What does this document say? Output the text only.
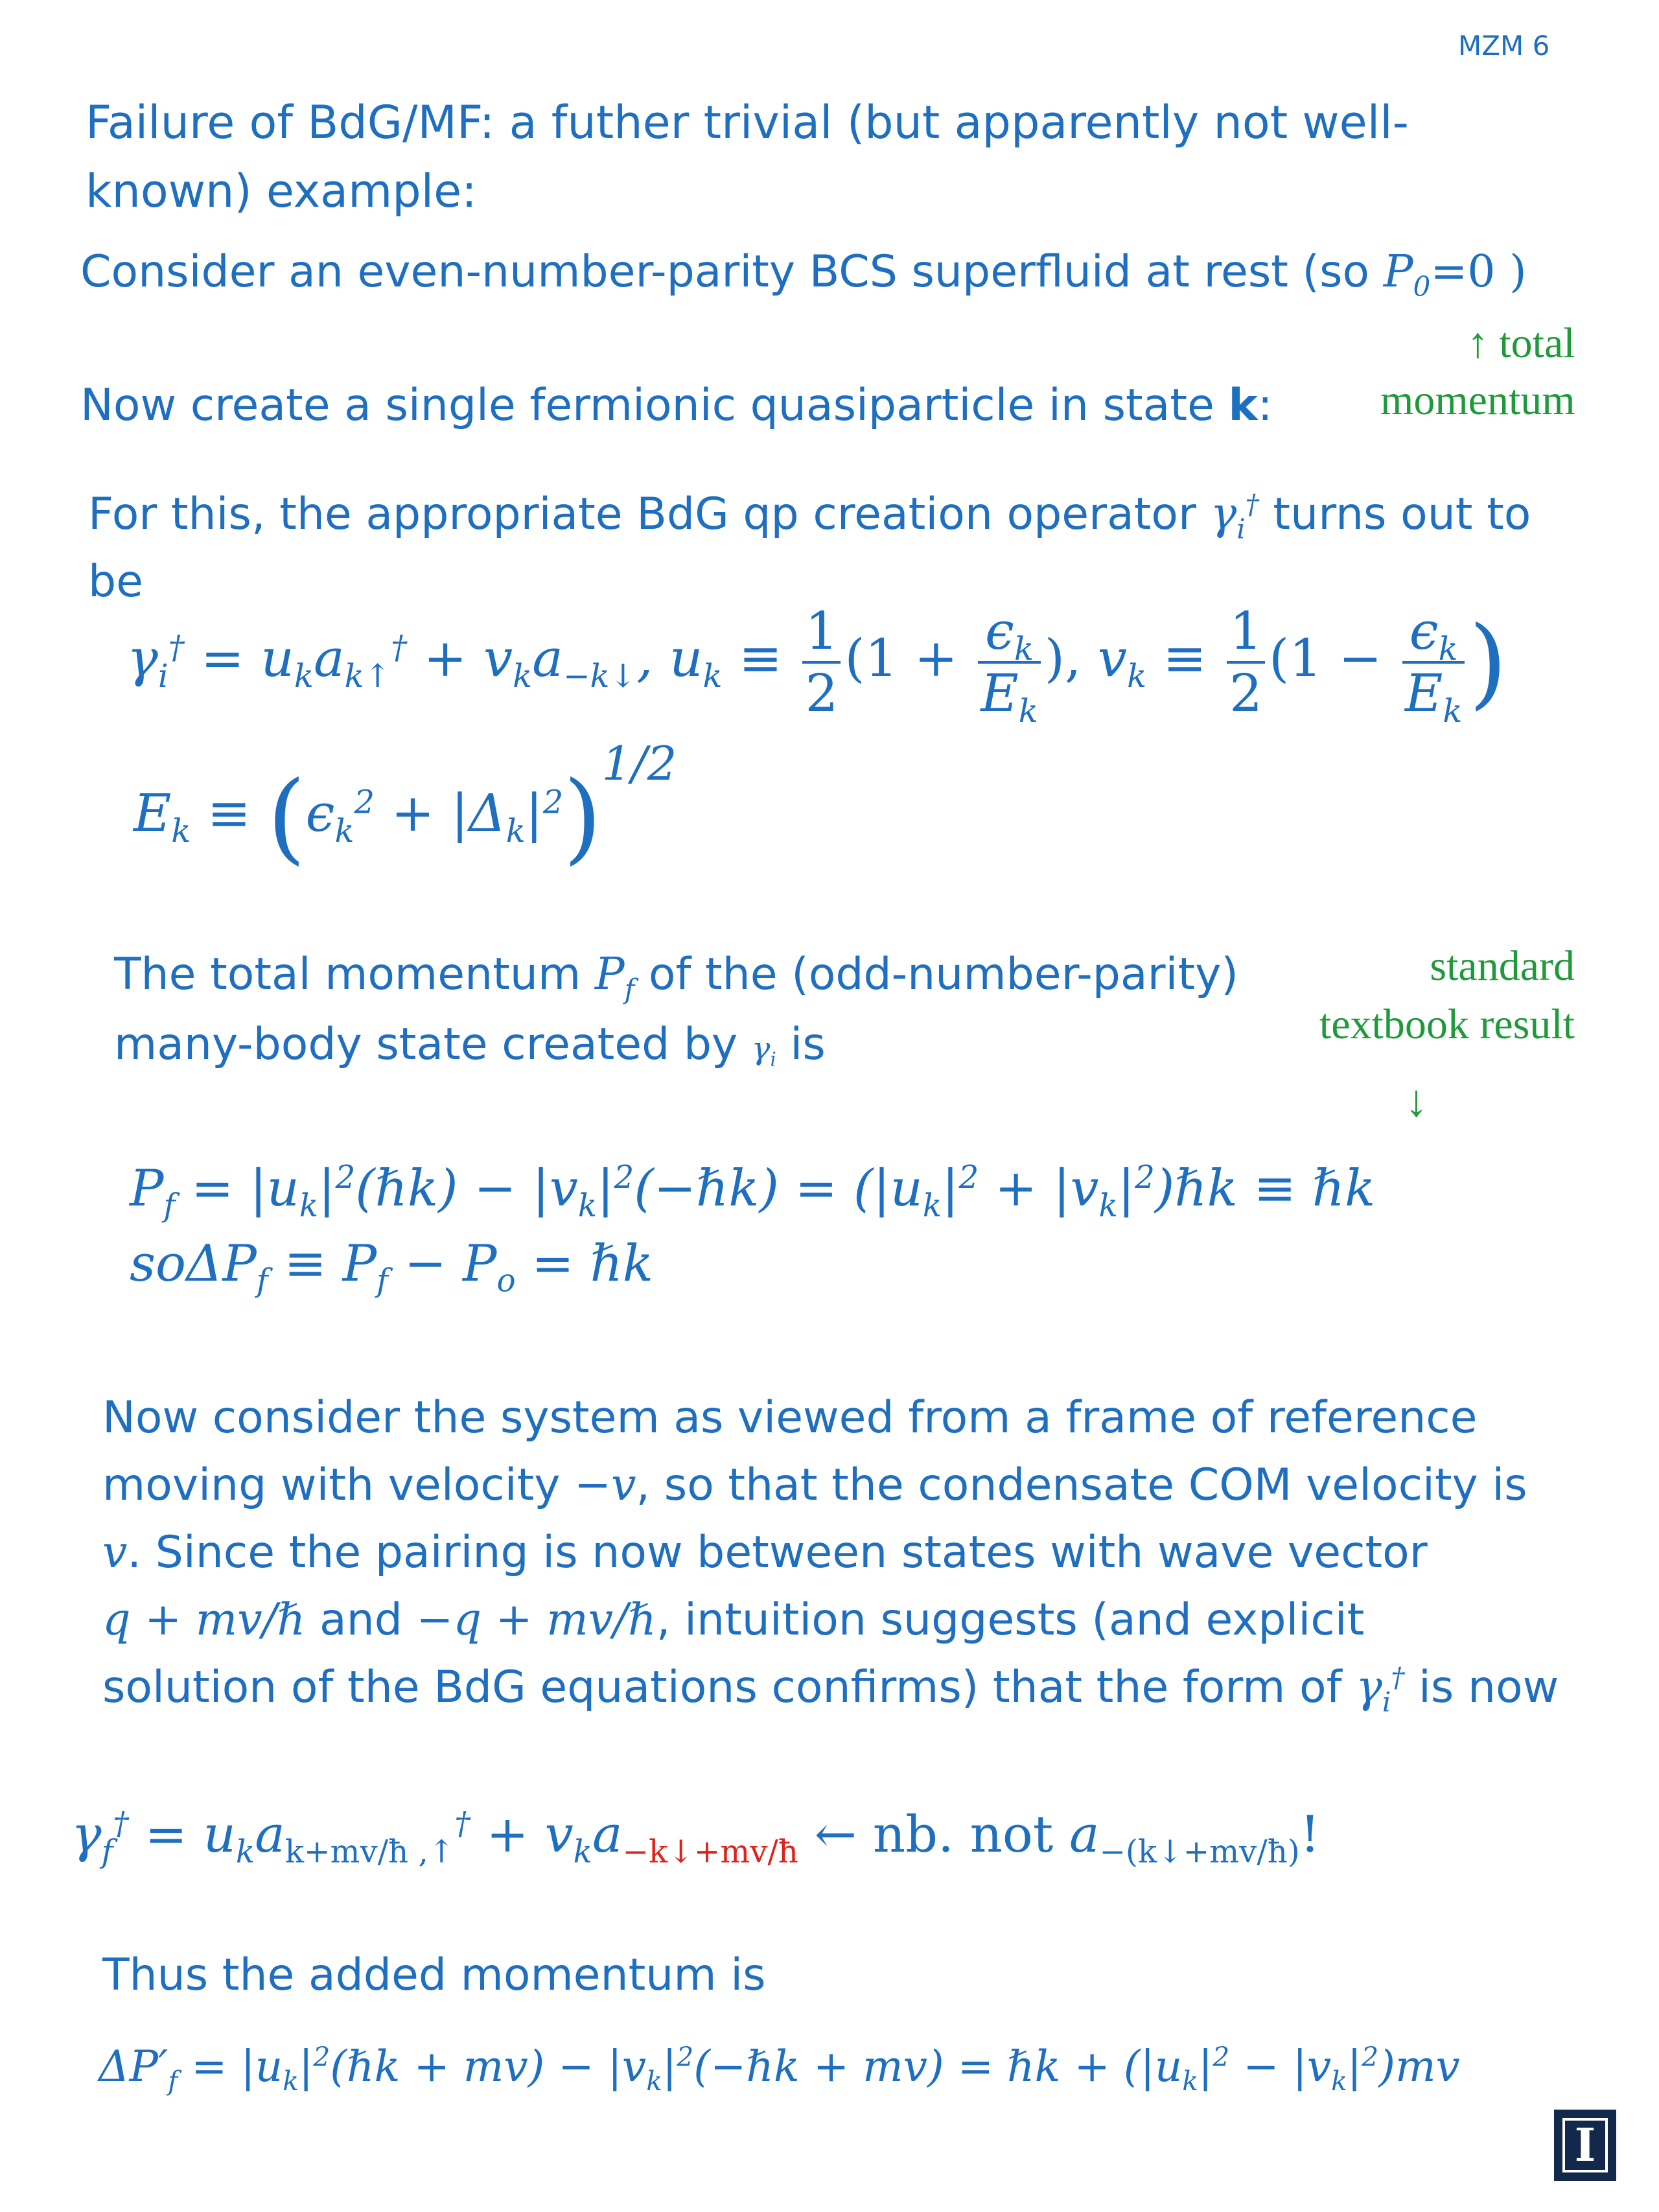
MZM 6
Failure of BdG/MF: a futher trivial (but apparently not well-
known) example:
Consider an even-number-parity BCS superfluid at rest (so $P_0=0$ )
↑ total
momentum
Now create a single fermionic quasiparticle in state k:
For this, the appropriate BdG qp creation operator $\gamma_i^\dagger$ turns out to
be
$\gamma_i^\dagger = u_ka_{k↑}^\dagger + v_ka_{-k↓}$, $u_k \equiv \frac{1}{2} (1 + \frac{\epsilon_k}{E_k}$ ), $v_k \equiv \frac{1}{2} (1 - \frac{\epsilon_k}{E_k}$ )
$E_k \equiv (\epsilon_k^2 + |\Delta_k|^2)^{1/2}$
The total momentum $P_f$ of the (odd-number-parity)
many-body state created by $\gamma_i$ is
standard
textbook result
↓
$P_f$ = $|u_k|^2(\hbar k)$ − $|v_k|^2(-\hbar k) = (|u_k|^2$ + $|v_k|^2)\hbar k$ ≡ ℏk
$so\Delta P_f \equiv P_f - P_o$ = ℏk
Now consider the system as viewed from a frame of reference
moving with velocity −v, so that the condensate COM velocity is
v. Since the pairing is now between states with wave vector
q + mv/ℏ and −q + mv/ℏ, intuition suggests (and explicit
solution of the BdG equations confirms) that the form of $\gamma_i^\dagger$ is now
$\gamma_f^\dagger = u_ka_{k+mv/ħ ,↑}^\dagger + v_ka_{-k↓+mv/ħ}$ ← nb. not $a_{-(k↓+mv/ħ)}$!
Thus the added momentum is
$\Delta P'_f$ = $|u_k|^2(\hbar k + mv)$ − $|v_k|^2(-\hbar k + mv)$ = ℏk + $(|u_k|^2 - |v_k|^2)mv$
I
